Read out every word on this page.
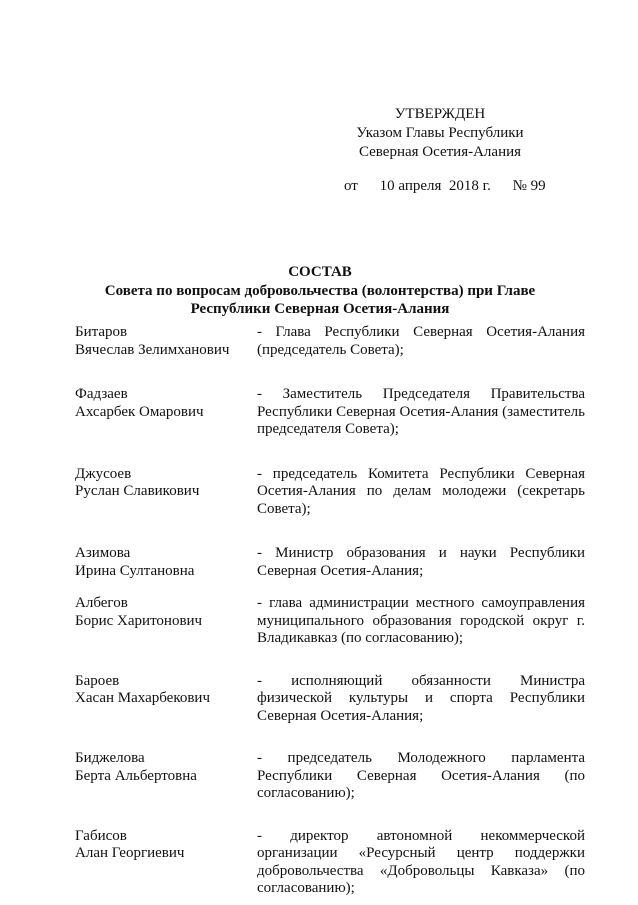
УТВЕРЖДЕН
Указом Главы Республики
Северная Осетия-Алания
от 10 апреля  2018 г. № 99
СОСТАВ
Совета по вопросам добровольчества (волонтерства) при Главе
Республики Северная Осетия-Алания
Битаров
Вячеслав Зелимханович
- Глава Республики Северная Осетия-Алания (председатель Совета);
Фадзаев
Ахсарбек Омарович
- Заместитель Председателя Правительства Республики Северная Осетия-Алания (заместитель председателя Совета);
Джусоев
Руслан Славикович
- председатель Комитета Республики Северная Осетия-Алания по делам молодежи (секретарь Совета);
Азимова
Ирина Султановна
- Министр образования и науки Республики Северная Осетия-Алания;
Албегов
Борис Харитонович
- глава администрации местного самоуправления муниципального образования городской округ г. Владикавказ (по согласованию);
Бароев
Хасан Махарбекович
- исполняющий обязанности Министра физической культуры и спорта Республики Северная Осетия-Алания;
Биджелова
Берта Альбертовна
- председатель Молодежного парламента Республики Северная Осетия-Алания (по согласованию);
Габисов
Алан Георгиевич
- директор автономной некоммерческой организации «Ресурсный центр поддержки добровольчества «Добровольцы Кавказа» (по согласованию);
